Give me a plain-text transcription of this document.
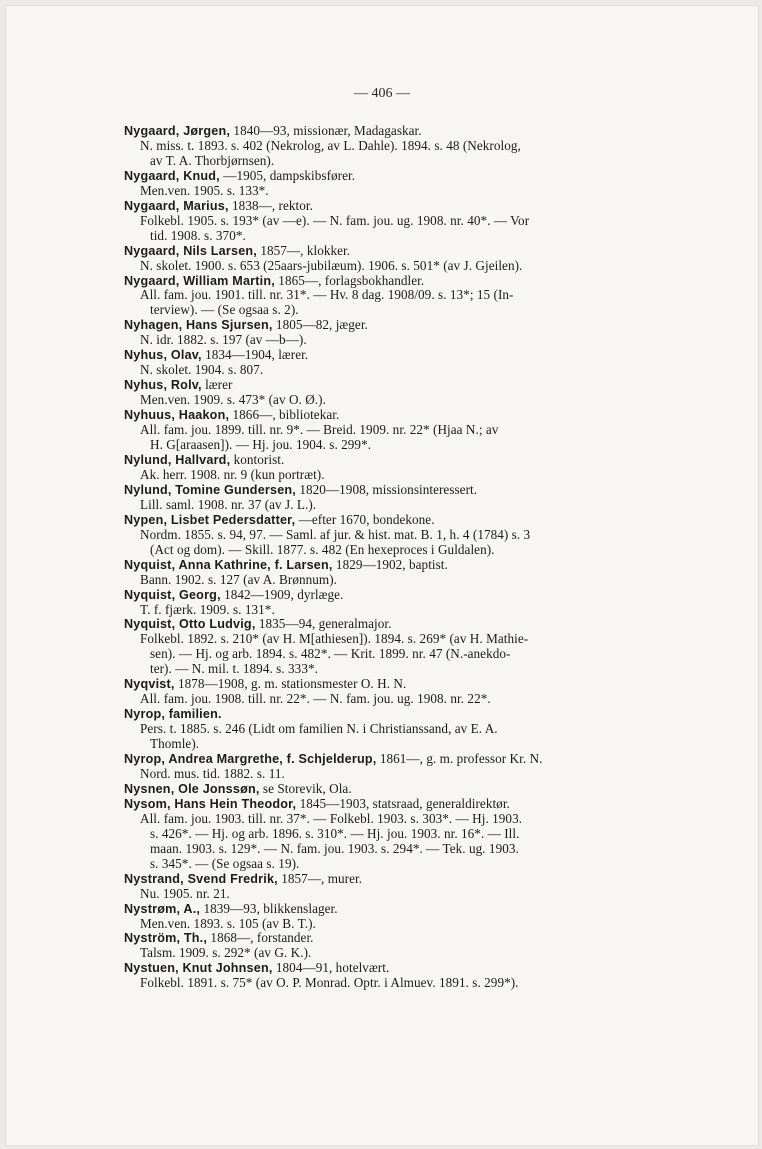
— 406 —
Nygaard, Jørgen, 1840—93, missionær, Madagaskar.
N. miss. t. 1893. s. 402 (Nekrolog, av L. Dahle). 1894. s. 48 (Nekrolog,
av T. A. Thorbjørnsen).
Nygaard, Knud, —1905, dampskibsfører.
Men.ven. 1905. s. 133*.
Nygaard, Marius, 1838—, rektor.
Folkebl. 1905. s. 193* (av —e). — N. fam. jou. ug. 1908. nr. 40*. — Vor
tid. 1908. s. 370*.
Nygaard, Nils Larsen, 1857—, klokker.
N. skolet. 1900. s. 653 (25aars-jubilæum). 1906. s. 501* (av J. Gjeilen).
Nygaard, William Martin, 1865—, forlagsbokhandler.
All. fam. jou. 1901. till. nr. 31*. — Hv. 8 dag. 1908/09. s. 13*; 15 (In-
terview). — (Se ogsaa s. 2).
Nyhagen, Hans Sjursen, 1805—82, jæger.
N. idr. 1882. s. 197 (av —b—).
Nyhus, Olav, 1834—1904, lærer.
N. skolet. 1904. s. 807.
Nyhus, Rolv, lærer
Men.ven. 1909. s. 473* (av O. Ø.).
Nyhuus, Haakon, 1866—, bibliotekar.
All. fam. jou. 1899. till. nr. 9*. — Breid. 1909. nr. 22* (Hjaa N.; av
H. G[araasen]). — Hj. jou. 1904. s. 299*.
Nylund, Hallvard, kontorist.
Ak. herr. 1908. nr. 9 (kun portræt).
Nylund, Tomine Gundersen, 1820—1908, missionsinteressert.
Lill. saml. 1908. nr. 37 (av J. L.).
Nypen, Lisbet Pedersdatter, —efter 1670, bondekone.
Nordm. 1855. s. 94, 97. — Saml. af jur. & hist. mat. B. 1, h. 4 (1784) s. 3
(Act og dom). — Skill. 1877. s. 482 (En hexeproces i Guldalen).
Nyquist, Anna Kathrine, f. Larsen, 1829—1902, baptist.
Bann. 1902. s. 127 (av A. Brønnum).
Nyquist, Georg, 1842—1909, dyrlæge.
T. f. fjærk. 1909. s. 131*.
Nyquist, Otto Ludvig, 1835—94, generalmajor.
Folkebl. 1892. s. 210* (av H. M[athiesen]). 1894. s. 269* (av H. Mathie-
sen). — Hj. og arb. 1894. s. 482*. — Krit. 1899. nr. 47 (N.-anekdo-
ter). — N. mil. t. 1894. s. 333*.
Nyqvist, 1878—1908, g. m. stationsmester O. H. N.
All. fam. jou. 1908. till. nr. 22*. — N. fam. jou. ug. 1908. nr. 22*.
Nyrop, familien.
Pers. t. 1885. s. 246 (Lidt om familien N. i Christianssand, av E. A.
Thomle).
Nyrop, Andrea Margrethe, f. Schjelderup, 1861—, g. m. professor Kr. N.
Nord. mus. tid. 1882. s. 11.
Nysnen, Ole Jonssøn, se Storevik, Ola.
Nysom, Hans Hein Theodor, 1845—1903, statsraad, generaldirektør.
All. fam. jou. 1903. till. nr. 37*. — Folkebl. 1903. s. 303*. — Hj. 1903.
s. 426*. — Hj. og arb. 1896. s. 310*. — Hj. jou. 1903. nr. 16*. — Ill.
maan. 1903. s. 129*. — N. fam. jou. 1903. s. 294*. — Tek. ug. 1903.
s. 345*. — (Se ogsaa s. 19).
Nystrand, Svend Fredrik, 1857—, murer.
Nu. 1905. nr. 21.
Nystrøm, A., 1839—93, blikkenslager.
Men.ven. 1893. s. 105 (av B. T.).
Nyström, Th., 1868—, forstander.
Talsm. 1909. s. 292* (av G. K.).
Nystuen, Knut Johnsen, 1804—91, hotelvært.
Folkebl. 1891. s. 75* (av O. P. Monrad. Optr. i Almuev. 1891. s. 299*).
